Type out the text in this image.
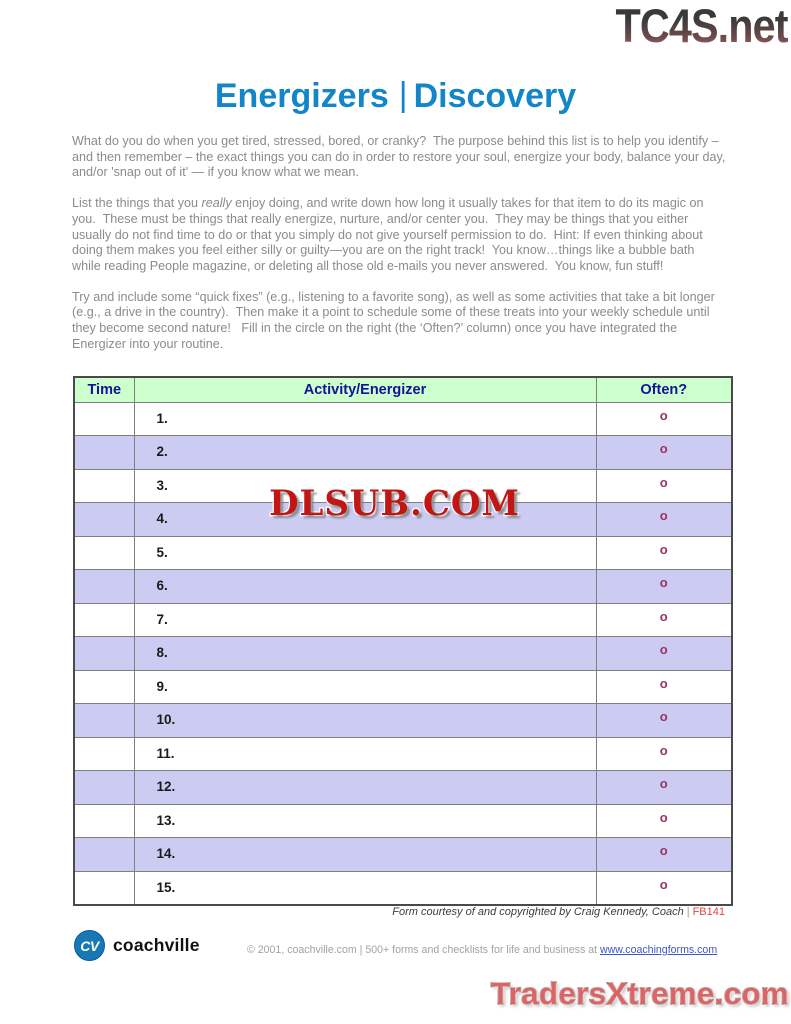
TC4S.net
Energizers | Discovery

What do you do when you get tired, stressed, bored, or cranky?  The purpose behind this list is to help you identify – and then remember – the exact things you can do in order to restore your soul, energize your body, balance your day, and/or 'snap out of it' — if you know what we mean.

List the things that you really enjoy doing, and write down how long it usually takes for that item to do its magic on you.  These must be things that really energize, nurture, and/or center you.  They may be things that you either usually do not find time to do or that you simply do not give yourself permission to do.  Hint: If even thinking about doing them makes you feel either silly or guilty—you are on the right track!  You know…things like a bubble bath while reading People magazine, or deleting all those old e-mails you never answered.  You know, fun stuff!

Try and include some “quick fixes” (e.g., listening to a favorite song), as well as some activities that take a bit longer (e.g., a drive in the country).  Then make it a point to schedule some of these treats into your weekly schedule until they become second nature!   Fill in the circle on the right (the ‘Often?’ column) once you have integrated the Energizer into your routine.

Time	Activity/Energizer	Often?
	1.	o
	2.	o
	3.	o
	4.	o
	5.	o
	6.	o
	7.	o
	8.	o
	9.	o
	10.	o
	11.	o
	12.	o
	13.	o
	14.	o
	15.	o
DLSUB.COM
Form courtesy of and copyrighted by Craig Kennedy, Coach | FB141
CV coachville	© 2001, coachville.com | 500+ forms and checklists for life and business at www.coachingforms.com
TradersXtreme.com
